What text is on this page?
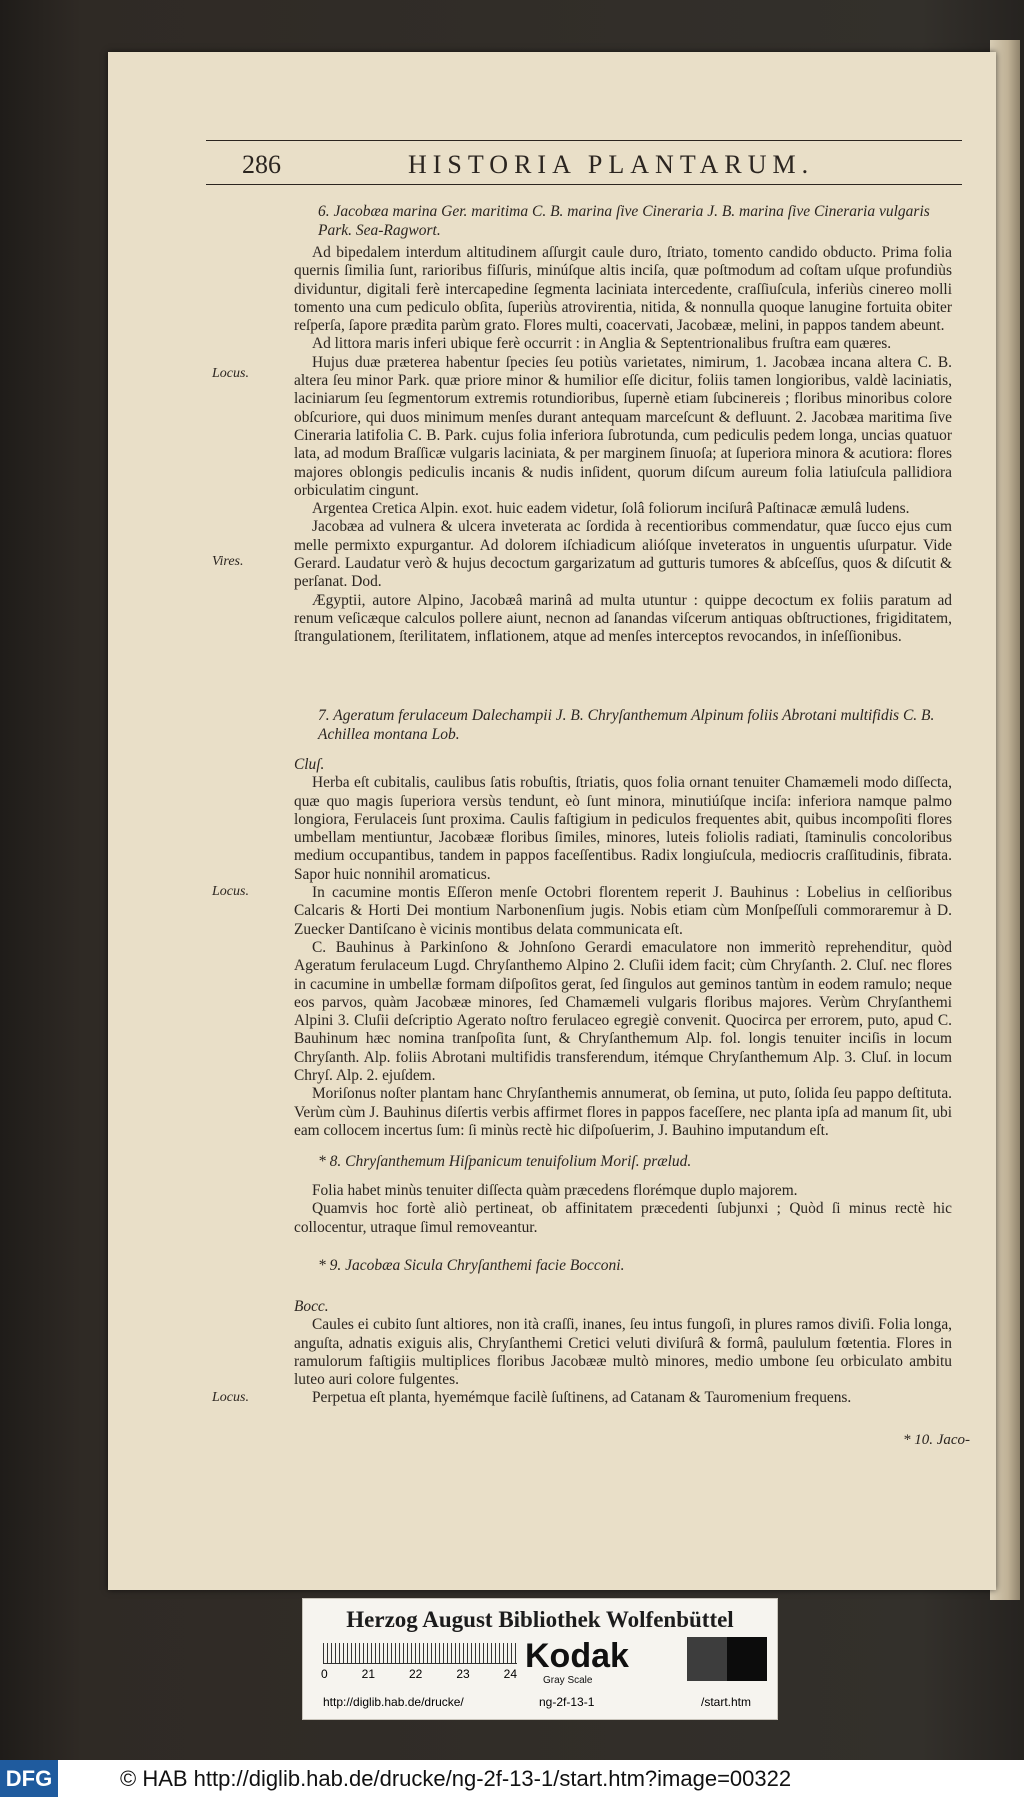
286	HISTORIA PLANTARUM.
6. Jacobæa marina Ger. maritima C. B. marina ſive Cineraria J. B. marina ſive Cineraria vulgaris Park. Sea-Ragwort.

Ad bipedalem interdum altitudinem aſſurgit caule duro, ſtriato, tomento candido obducto. Prima folia quernis ſimilia ſunt, rarioribus fiſſuris, minúſque altis inciſa, quæ poſtmodum ad coſtam uſque profundiùs dividuntur, digitali ferè intercapedine ſegmenta laciniata intercedente, craſſiuſcula, inferiùs cinereo molli tomento una cum pediculo obſita, ſuperiùs atrovirentia, nitida, & nonnulla quoque lanugine fortuita obiter reſperſa, ſapore prædita parùm grato. Flores multi, coacervati, Jacobææ, melini, in pappos tandem abeunt.

Ad littora maris inferi ubique ferè occurrit : in Anglia & Septentrionalibus fruſtra eam quæres.

Hujus duæ præterea habentur ſpecies ſeu potiùs varietates, nimirum, 1. Jacobæa incana altera C. B. altera ſeu minor Park. quæ priore minor & humilior eſſe dicitur, foliis tamen longioribus, valdè laciniatis, laciniarum ſeu ſegmentorum extremis rotundioribus, ſupernè etiam ſubcinereis ; floribus minoribus colore obſcuriore, qui duos minimum menſes durant antequam marceſcunt & defluunt. 2. Jacobæa maritima ſive Cineraria latifolia C. B. Park. cujus folia inferiora ſubrotunda, cum pediculis pedem longa, uncias quatuor lata, ad modum Braſſicæ vulgaris laciniata, & per marginem ſinuoſa; at ſuperiora minora & acutiora: flores majores oblongis pediculis incanis & nudis inſident, quorum diſcum aureum folia latiuſcula pallidiora orbiculatim cingunt.

Argentea Cretica Alpin. exot. huic eadem videtur, ſolâ foliorum inciſurâ Paſtinacæ æmulâ ludens.

Jacobæa ad vulnera & ulcera inveterata ac ſordida à recentioribus commendatur, quæ ſucco ejus cum melle permixto expurgantur. Ad dolorem iſchiadicum alióſque inveteratos in unguentis uſurpatur. Vide Gerard. Laudatur verò & hujus decoctum gargarizatum ad gutturis tumores & abſceſſus, quos & diſcutit & perſanat. Dod.

Ægyptii, autore Alpino, Jacobæâ marinâ ad multa utuntur : quippe decoctum ex foliis paratum ad renum veſicæque calculos pollere aiunt, necnon ad ſanandas viſcerum antiquas obſtructiones, frigiditatem, ſtrangulationem, ſterilitatem, inflationem, atque ad menſes interceptos revocandos, in inſeſſionibus.

Locus.
Vires.
7. Ageratum ferulaceum Dalechampii J. B. Chryſanthemum Alpinum foliis Abrotani multifidis C. B. Achillea montana Lob.

Cluſ.

Herba eſt cubitalis, caulibus ſatis robuſtis, ſtriatis, quos folia ornant tenuiter Chamæmeli modo diſſecta, quæ quo magis ſuperiora versùs tendunt, eò ſunt minora, minutiúſque inciſa: inferiora namque palmo longiora, Ferulaceis ſunt proxima. Caulis faſtigium in pediculos frequentes abit, quibus incompoſiti flores umbellam mentiuntur, Jacobææ floribus ſimiles, minores, luteis foliolis radiati, ſtaminulis concoloribus medium occupantibus, tandem in pappos faceſſentibus. Radix longiuſcula, mediocris craſſitudinis, fibrata. Sapor huic nonnihil aromaticus.

In cacumine montis Eſſeron menſe Octobri florentem reperit J. Bauhinus : Lobelius in celſioribus Calcaris & Horti Dei montium Narbonenſium jugis. Nobis etiam cùm Monſpeſſuli commoraremur à D. Zuecker Dantiſcano è vicinis montibus delata communicata eſt.

C. Bauhinus à Parkinſono & Johnſono Gerardi emaculatore non immeritò reprehenditur, quòd Ageratum ferulaceum Lugd. Chryſanthemo Alpino 2. Cluſii idem facit; cùm Chryſanth. 2. Cluſ. nec flores in cacumine in umbellæ formam diſpoſitos gerat, ſed ſingulos aut geminos tantùm in eodem ramulo; neque eos parvos, quàm Jacobææ minores, ſed Chamæmeli vulgaris floribus majores. Verùm Chryſanthemi Alpini 3. Cluſii deſcriptio Agerato noſtro ferulaceo egregiè convenit. Quocirca per errorem, puto, apud C. Bauhinum hæc nomina tranſpoſita ſunt, & Chryſanthemum Alp. fol. longis tenuiter inciſis in locum Chryſanth. Alp. foliis Abrotani multifidis transferendum, itémque Chryſanthemum Alp. 3. Cluſ. in locum Chryſ. Alp. 2. ejuſdem.

Moriſonus noſter plantam hanc Chryſanthemis annumerat, ob ſemina, ut puto, ſolida ſeu pappo deſtituta. Verùm cùm J. Bauhinus diſertis verbis affirmet flores in pappos faceſſere, nec planta ipſa ad manum ſit, ubi eam collocem incertus ſum: ſi minùs rectè hic diſpoſuerim, J. Bauhino imputandum eſt.

Locus.
* 8. Chryſanthemum Hiſpanicum tenuifolium Moriſ. prælud.

Folia habet minùs tenuiter diſſecta quàm præcedens florémque duplo majorem.

Quamvis hoc fortè aliò pertineat, ob affinitatem præcedenti ſubjunxi ; Quòd ſi minus rectè hic collocentur, utraque ſimul removeantur.

* 9. Jacobæa Sicula Chryſanthemi facie Bocconi.

Bocc.

Caules ei cubito ſunt altiores, non ità craſſi, inanes, ſeu intus fungoſi, in plures ramos diviſi. Folia longa, anguſta, adnatis exiguis alis, Chryſanthemi Cretici veluti diviſurâ & formâ, paululum fœtentia. Flores in ramulorum faſtigiis multiplices floribus Jacobææ multò minores, medio umbone ſeu orbiculato ambitu luteo auri colore fulgentes.

Perpetua eſt planta, hyemémque facilè ſuſtinens, ad Catanam & Tauromenium frequens.

Locus.
* 10. Jaco-
Herzog August Bibliothek Wolfenbüttel
0	21	22	23	24 Kodak
Gray Scale
http://diglib.hab.de/drucke/	ng-2f-13-1	/start.htm
DFG	© HAB http://diglib.hab.de/drucke/ng-2f-13-1/start.htm?image=00322
